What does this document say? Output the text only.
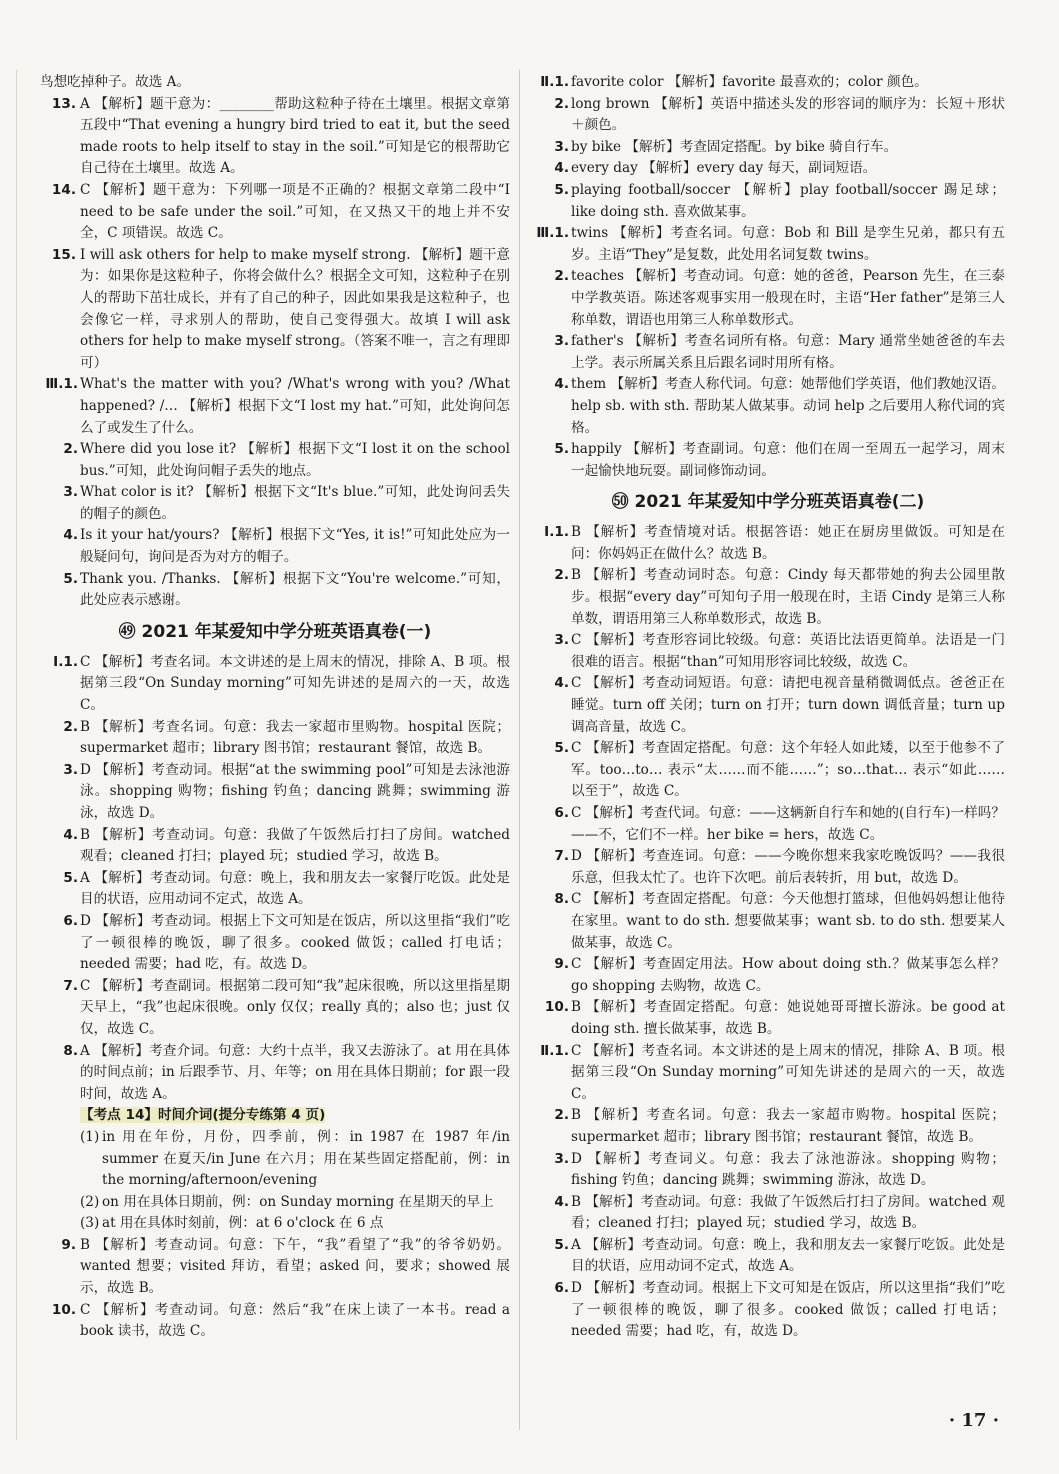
鸟想吃掉种子。故选 A。
13. A 【解析】题干意为：________帮助这粒种子待在土壤里。根据文章第五段中“That evening a hungry bird tried to eat it, but the seed made roots to help itself to stay in the soil.”可知是它的根帮助它自己待在土壤里。故选 A。
14. C 【解析】题干意为：下列哪一项是不正确的？根据文章第二段中“I need to be safe under the soil.”可知，在又热又干的地上并不安全，C 项错误。故选 C。
15. I will ask others for help to make myself strong. 【解析】题干意为：如果你是这粒种子，你将会做什么？根据全文可知，这粒种子在别人的帮助下茁壮成长，并有了自己的种子，因此如果我是这粒种子，也会像它一样，寻求别人的帮助，使自己变得强大。故填 I will ask others for help to make myself strong。（答案不唯一，言之有理即可）
Ⅲ.1. What's the matter with you? /What's wrong with you? /What happened? /… 【解析】根据下文“I lost my hat.”可知，此处询问怎么了或发生了什么。
2. Where did you lose it? 【解析】根据下文“I lost it on the school bus.”可知，此处询问帽子丢失的地点。
3. What color is it? 【解析】根据下文“It's blue.”可知，此处询问丢失的帽子的颜色。
4. Is it your hat/yours? 【解析】根据下文“Yes, it is!”可知此处应为一般疑问句，询问是否为对方的帽子。
5. Thank you. /Thanks. 【解析】根据下文“You're welcome.”可知，此处应表示感谢。
㊾ 2021 年某爱知中学分班英语真卷(一)
Ⅰ.1. C 【解析】考查名词。本文讲述的是上周末的情况，排除 A、B 项。根据第三段“On Sunday morning”可知先讲述的是周六的一天，故选 C。
2. B 【解析】考查名词。句意：我去一家超市里购物。hospital 医院；supermarket 超市；library 图书馆；restaurant 餐馆，故选 B。
3. D 【解析】考查动词。根据“at the swimming pool”可知是去泳池游泳。shopping 购物；fishing 钓鱼；dancing 跳舞；swimming 游泳，故选 D。
4. B 【解析】考查动词。句意：我做了午饭然后打扫了房间。watched 观看；cleaned 打扫；played 玩；studied 学习，故选 B。
5. A 【解析】考查动词。句意：晚上，我和朋友去一家餐厅吃饭。此处是目的状语，应用动词不定式，故选 A。
6. D 【解析】考查动词。根据上下文可知是在饭店，所以这里指“我们”吃了一顿很棒的晚饭，聊了很多。cooked 做饭；called 打电话；needed 需要；had 吃，有。故选 D。
7. C 【解析】考查副词。根据第二段可知“我”起床很晚，所以这里指星期天早上，“我”也起床很晚。only 仅仅；really 真的；also 也；just 仅仅，故选 C。
8. A 【解析】考查介词。句意：大约十点半，我又去游泳了。at 用在具体的时间点前；in 后跟季节、月、年等；on 用在具体日期前；for 跟一段时间，故选 A。
【考点 14】时间介词(提分专练第 4 页)
(1) in 用在年份，月份，四季前，例：in 1987 在 1987 年/in summer 在夏天/in June 在六月；用在某些固定搭配前，例：in the morning/afternoon/evening
(2) on 用在具体日期前，例：on Sunday morning 在星期天的早上
(3) at 用在具体时刻前，例：at 6 o'clock 在 6 点
9. B 【解析】考查动词。句意：下午，“我”看望了“我”的爷爷奶奶。wanted 想要；visited 拜访，看望；asked 问，要求；showed 展示，故选 B。
10. C 【解析】考查动词。句意：然后“我”在床上读了一本书。read a book 读书，故选 C。
Ⅱ.1. favorite color 【解析】favorite 最喜欢的；color 颜色。
2. long brown 【解析】英语中描述头发的形容词的顺序为：长短＋形状＋颜色。
3. by bike 【解析】考查固定搭配。by bike 骑自行车。
4. every day 【解析】every day 每天，副词短语。
5. playing football/soccer 【解析】play football/soccer 踢足球；like doing sth. 喜欢做某事。
Ⅲ.1. twins 【解析】考查名词。句意：Bob 和 Bill 是孪生兄弟，都只有五岁。主语“They”是复数，此处用名词复数 twins。
2. teaches 【解析】考查动词。句意：她的爸爸，Pearson 先生，在三泰中学教英语。陈述客观事实用一般现在时，主语“Her father”是第三人称单数，谓语也用第三人称单数形式。
3. father's 【解析】考查名词所有格。句意：Mary 通常坐她爸爸的车去上学。表示所属关系且后跟名词时用所有格。
4. them 【解析】考查人称代词。句意：她帮他们学英语，他们教她汉语。help sb. with sth. 帮助某人做某事。动词 help 之后要用人称代词的宾格。
5. happily 【解析】考查副词。句意：他们在周一至周五一起学习，周末一起愉快地玩耍。副词修饰动词。
㊿ 2021 年某爱知中学分班英语真卷(二)
Ⅰ.1. B 【解析】考查情境对话。根据答语：她正在厨房里做饭。可知是在问：你妈妈正在做什么？故选 B。
2. B 【解析】考查动词时态。句意：Cindy 每天都带她的狗去公园里散步。根据“every day”可知句子用一般现在时，主语 Cindy 是第三人称单数，谓语用第三人称单数形式，故选 B。
3. C 【解析】考查形容词比较级。句意：英语比法语更简单。法语是一门很难的语言。根据“than”可知用形容词比较级，故选 C。
4. C 【解析】考查动词短语。句意：请把电视音量稍微调低点。爸爸正在睡觉。turn off 关闭；turn on 打开；turn down 调低音量；turn up 调高音量，故选 C。
5. C 【解析】考查固定搭配。句意：这个年轻人如此矮，以至于他参不了军。too…to… 表示“太……而不能……”；so…that… 表示“如此……以至于”，故选 C。
6. C 【解析】考查代词。句意：——这辆新自行车和她的(自行车)一样吗？——不，它们不一样。her bike = hers，故选 C。
7. D 【解析】考查连词。句意：——今晚你想来我家吃晚饭吗？——我很乐意，但我太忙了。也许下次吧。前后表转折，用 but，故选 D。
8. C 【解析】考查固定搭配。句意：今天他想打篮球，但他妈妈想让他待在家里。want to do sth. 想要做某事；want sb. to do sth. 想要某人做某事，故选 C。
9. C 【解析】考查固定用法。How about doing sth.？做某事怎么样？go shopping 去购物，故选 C。
10. B 【解析】考查固定搭配。句意：她说她哥哥擅长游泳。be good at doing sth. 擅长做某事，故选 B。
Ⅱ.1. C 【解析】考查名词。本文讲述的是上周末的情况，排除 A、B 项。根据第三段“On Sunday morning”可知先讲述的是周六的一天，故选 C。
2. B 【解析】考查名词。句意：我去一家超市购物。hospital 医院；supermarket 超市；library 图书馆；restaurant 餐馆，故选 B。
3. D 【解析】考查词义。句意：我去了泳池游泳。shopping 购物；fishing 钓鱼；dancing 跳舞；swimming 游泳，故选 D。
4. B 【解析】考查动词。句意：我做了午饭然后打扫了房间。watched 观看；cleaned 打扫；played 玩；studied 学习，故选 B。
5. A 【解析】考查动词。句意：晚上，我和朋友去一家餐厅吃饭。此处是目的状语，应用动词不定式，故选 A。
6. D 【解析】考查动词。根据上下文可知是在饭店，所以这里指“我们”吃了一顿很棒的晚饭，聊了很多。cooked 做饭；called 打电话；needed 需要；had 吃，有，故选 D。
· 17 ·
